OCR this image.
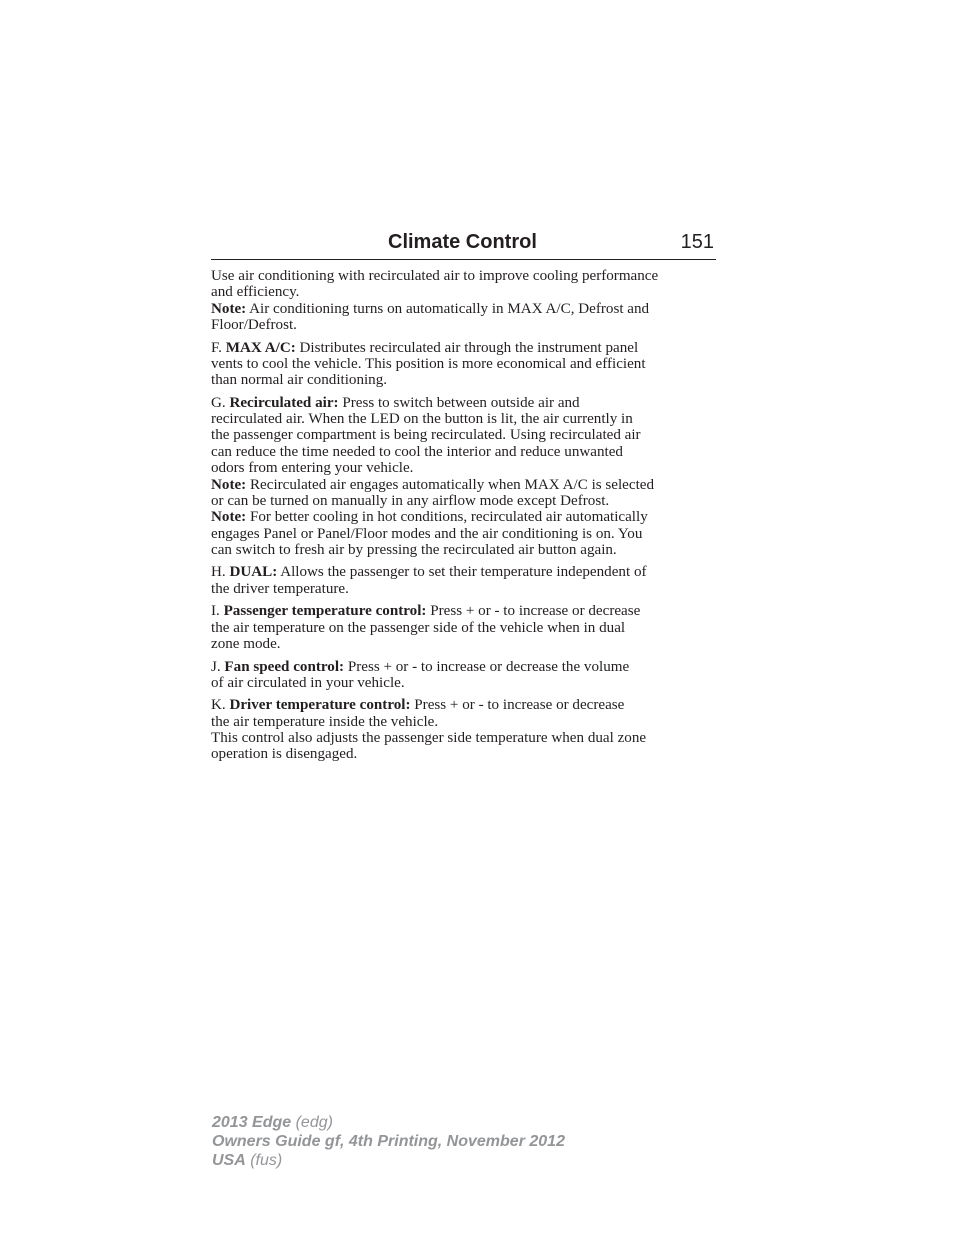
Climate Control	151
Use air conditioning with recirculated air to improve cooling performance
and efficiency.
Note: Air conditioning turns on automatically in MAX A/C, Defrost and
Floor/Defrost.
F. MAX A/C: Distributes recirculated air through the instrument panel
vents to cool the vehicle. This position is more economical and efficient
than normal air conditioning.
G. Recirculated air: Press to switch between outside air and
recirculated air. When the LED on the button is lit, the air currently in
the passenger compartment is being recirculated. Using recirculated air
can reduce the time needed to cool the interior and reduce unwanted
odors from entering your vehicle.
Note: Recirculated air engages automatically when MAX A/C is selected
or can be turned on manually in any airflow mode except Defrost.
Note: For better cooling in hot conditions, recirculated air automatically
engages Panel or Panel/Floor modes and the air conditioning is on. You
can switch to fresh air by pressing the recirculated air button again.
H. DUAL: Allows the passenger to set their temperature independent of
the driver temperature.
I. Passenger temperature control: Press + or - to increase or decrease
the air temperature on the passenger side of the vehicle when in dual
zone mode.
J. Fan speed control: Press + or - to increase or decrease the volume
of air circulated in your vehicle.
K. Driver temperature control: Press + or - to increase or decrease
the air temperature inside the vehicle.
This control also adjusts the passenger side temperature when dual zone
operation is disengaged.
2013 Edge (edg)
Owners Guide gf, 4th Printing, November 2012
USA (fus)
